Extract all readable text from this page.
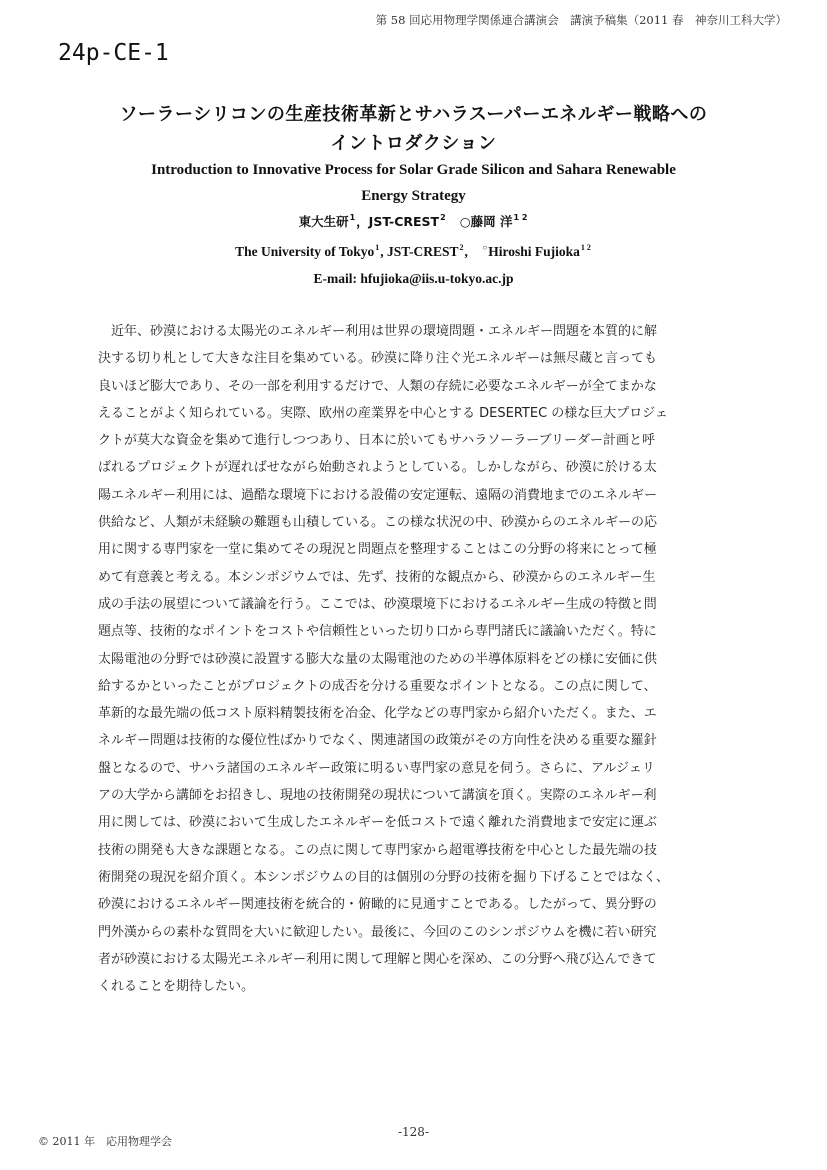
第 58 回応用物理学関係連合講演会　講演予稿集（2011 春　神奈川工科大学）
24p-CE-1
ソーラーシリコンの生産技術革新とサハラスーパーエネルギー戦略への
イントロダクション
Introduction to Innovative Process for Solar Grade Silicon and Sahara Renewable
Energy Strategy
東大生研$^1$，JST-CREST$^2$ ○藤岡 洋$^{1 2}$
The University of Tokyo$^1$, JST-CREST$^2$,　○Hiroshi Fujioka$^{1 2}$
E-mail: hfujioka@iis.u-tokyo.ac.jp
　近年、砂漠における太陽光のエネルギー利用は世界の環境問題・エネルギー問題を本質的に解
決する切り札として大きな注目を集めている。砂漠に降り注ぐ光エネルギーは無尽蔵と言っても
良いほど膨大であり、その一部を利用するだけで、人類の存続に必要なエネルギーが全てまかな
えることがよく知られている。実際、欧州の産業界を中心とする DESERTEC の様な巨大プロジェ
クトが莫大な資金を集めて進行しつつあり、日本に於いてもサハラソーラーブリーダー計画と呼
ばれるプロジェクトが遅ればせながら始動されようとしている。しかしながら、砂漠に於ける太
陽エネルギー利用には、過酷な環境下における設備の安定運転、遠隔の消費地までのエネルギー
供給など、人類が未経験の難題も山積している。この様な状況の中、砂漠からのエネルギーの応
用に関する専門家を一堂に集めてその現況と問題点を整理することはこの分野の将来にとって極
めて有意義と考える。本シンポジウムでは、先ず、技術的な観点から、砂漠からのエネルギー生
成の手法の展望について議論を行う。ここでは、砂漠環境下におけるエネルギー生成の特徴と問
題点等、技術的なポイントをコストや信頼性といった切り口から専門諸氏に議論いただく。特に
太陽電池の分野では砂漠に設置する膨大な量の太陽電池のための半導体原料をどの様に安価に供
給するかといったことがプロジェクトの成否を分ける重要なポイントとなる。この点に関して、
革新的な最先端の低コスト原料精製技術を冶金、化学などの専門家から紹介いただく。また、エ
ネルギー問題は技術的な優位性ばかりでなく、関連諸国の政策がその方向性を決める重要な羅針
盤となるので、サハラ諸国のエネルギー政策に明るい専門家の意見を伺う。さらに、アルジェリ
アの大学から講師をお招きし、現地の技術開発の現状について講演を頂く。実際のエネルギー利
用に関しては、砂漠において生成したエネルギーを低コストで遠く離れた消費地まで安定に運ぶ
技術の開発も大きな課題となる。この点に関して専門家から超電導技術を中心とした最先端の技
術開発の現況を紹介頂く。本シンポジウムの目的は個別の分野の技術を掘り下げることではなく、
砂漠におけるエネルギー関連技術を統合的・俯瞰的に見通すことである。したがって、異分野の
門外漢からの素朴な質問を大いに歓迎したい。最後に、今回のこのシンポジウムを機に若い研究
者が砂漠における太陽光エネルギー利用に関して理解と関心を深め、この分野へ飛び込んできて
くれることを期待したい。
© 2011 年　応用物理学会
-128-
